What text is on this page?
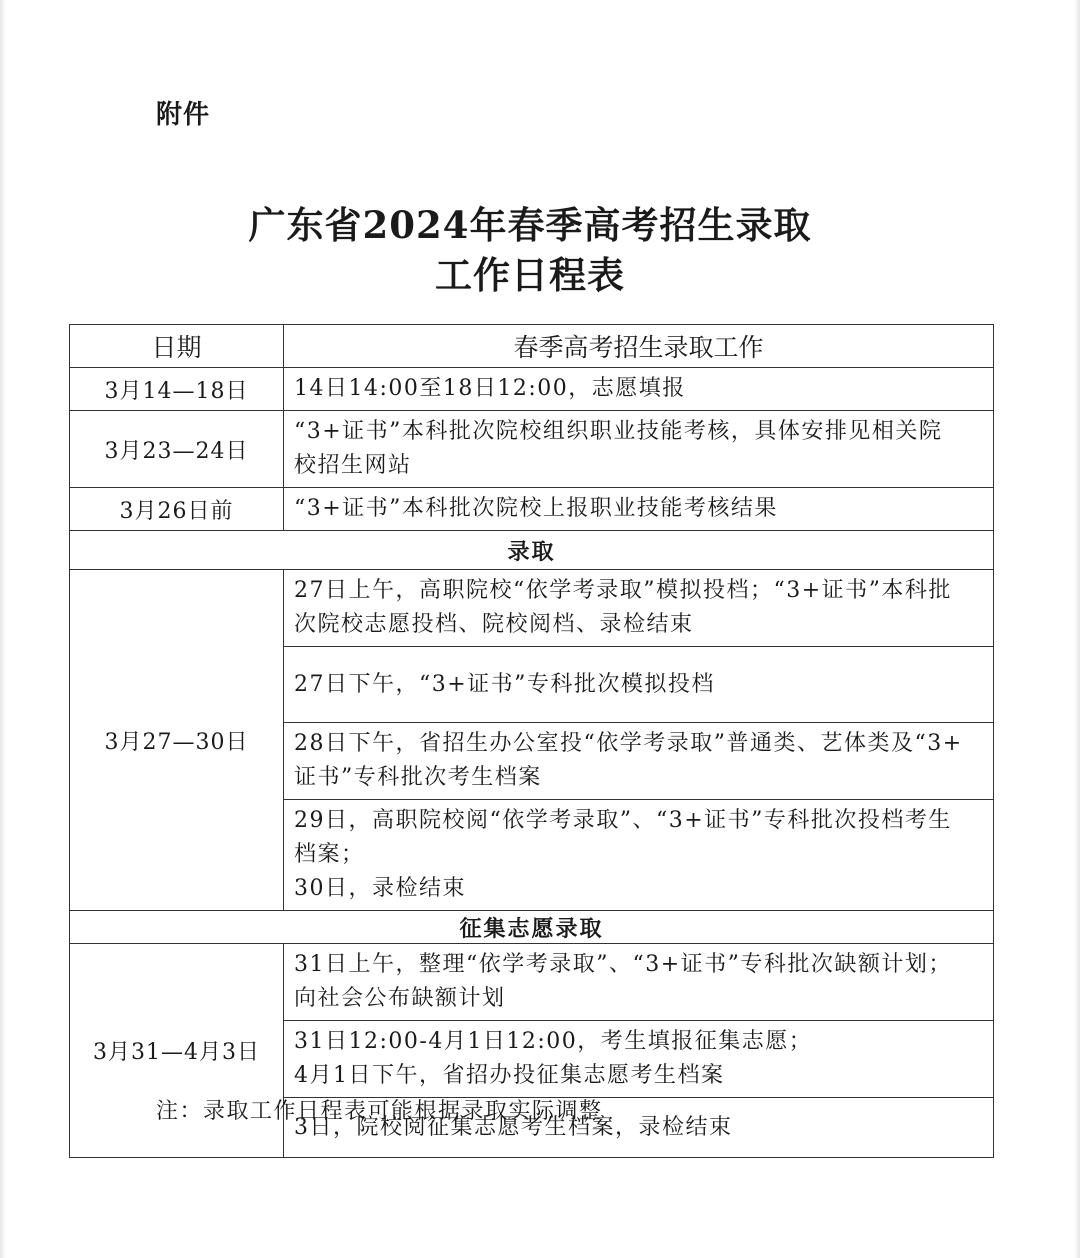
附件
广东省2024年春季高考招生录取
工作日程表
日期	春季高考招生录取工作
3月14—18日	14日14:00至18日12:00，志愿填报

3月23—24日	“3+证书”本科批次院校组织职业技能考核，具体安排见相关院
校招生网站

3月26日前	“3+证书”本科批次院校上报职业技能考核结果

录取	
3月27—30日	27日上午，高职院校“依学考录取”模拟投档；“3+证书”本科批
次院校志愿投档、院校阅档、录检结束

	27日下午，“3+证书”专科批次模拟投档

	28日下午，省招生办公室投“依学考录取”普通类、艺体类及“3+
证书”专科批次考生档案

	29日，高职院校阅“依学考录取”、“3+证书”专科批次投档考生
档案；
30日，录检结束

征集志愿录取	
3月31—4月3日	31日上午，整理“依学考录取”、“3+证书”专科批次缺额计划；
向社会公布缺额计划

	31日12:00-4月1日12:00，考生填报征集志愿；
4月1日下午，省招办投征集志愿考生档案

	3日，院校阅征集志愿考生档案，录检结束
注：录取工作日程表可能根据录取实际调整
